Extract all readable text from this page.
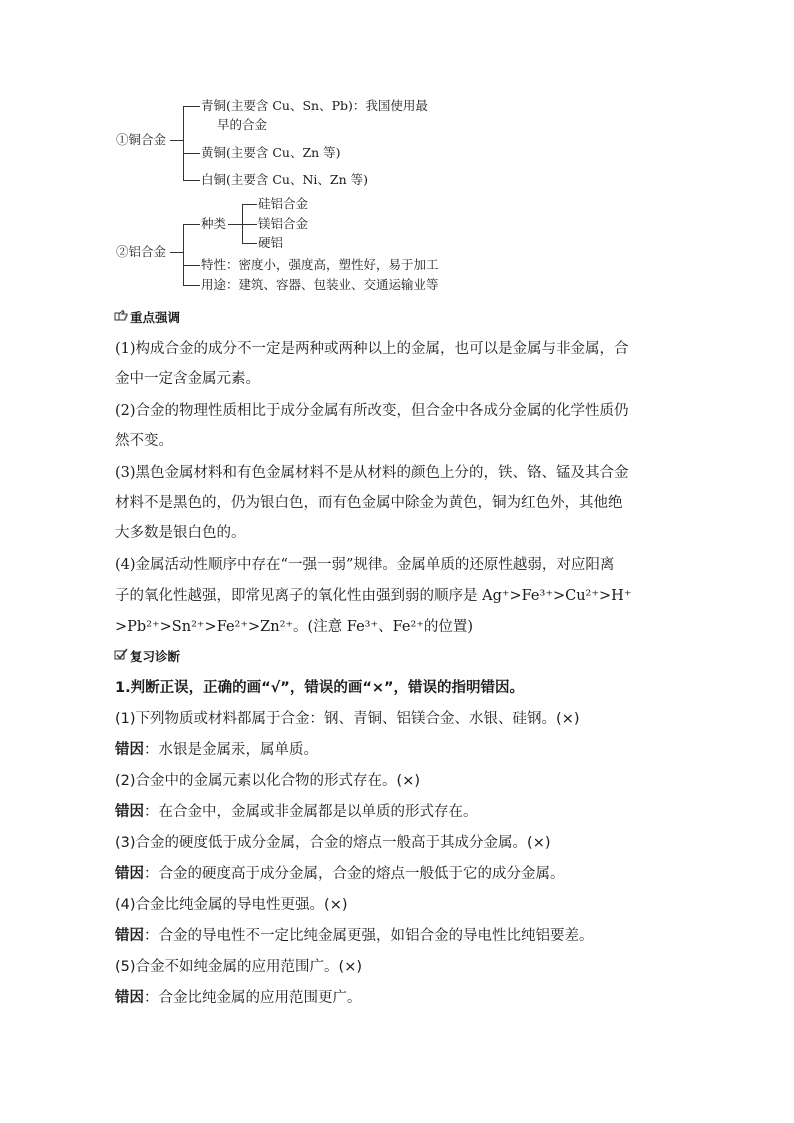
①铜合金
青铜(主要含 Cu、Sn、Pb)：我国使用最
早的合金
黄铜(主要含 Cu、Zn 等)
白铜(主要含 Cu、Ni、Zn 等)
②铝合金
种类
硅铝合金
镁铝合金
硬铝
特性：密度小，强度高，塑性好，易于加工
用途：建筑、容器、包装业、交通运输业等
重点强调
(1)构成合金的成分不一定是两种或两种以上的金属，也可以是金属与非金属，合
金中一定含金属元素。
(2)合金的物理性质相比于成分金属有所改变，但合金中各成分金属的化学性质仍
然不变。
(3)黑色金属材料和有色金属材料不是从材料的颜色上分的，铁、铬、锰及其合金
材料不是黑色的，仍为银白色，而有色金属中除金为黄色，铜为红色外，其他绝
大多数是银白色的。
(4)金属活动性顺序中存在“一强一弱”规律。金属单质的还原性越弱，对应阳离
子的氧化性越强，即常见离子的氧化性由强到弱的顺序是 Ag⁺>Fe³⁺>Cu²⁺>H⁺
>Pb²⁺>Sn²⁺>Fe²⁺>Zn²⁺。(注意 Fe³⁺、Fe²⁺的位置)
复习诊断
1.判断正误，正确的画“√”，错误的画“×”，错误的指明错因。
(1)下列物质或材料都属于合金：钢、青铜、铝镁合金、水银、硅钢。(×)
错因：水银是金属汞，属单质。
(2)合金中的金属元素以化合物的形式存在。(×)
错因：在合金中，金属或非金属都是以单质的形式存在。
(3)合金的硬度低于成分金属，合金的熔点一般高于其成分金属。(×)
错因：合金的硬度高于成分金属，合金的熔点一般低于它的成分金属。
(4)合金比纯金属的导电性更强。(×)
错因：合金的导电性不一定比纯金属更强，如铝合金的导电性比纯铝要差。
(5)合金不如纯金属的应用范围广。(×)
错因：合金比纯金属的应用范围更广。
